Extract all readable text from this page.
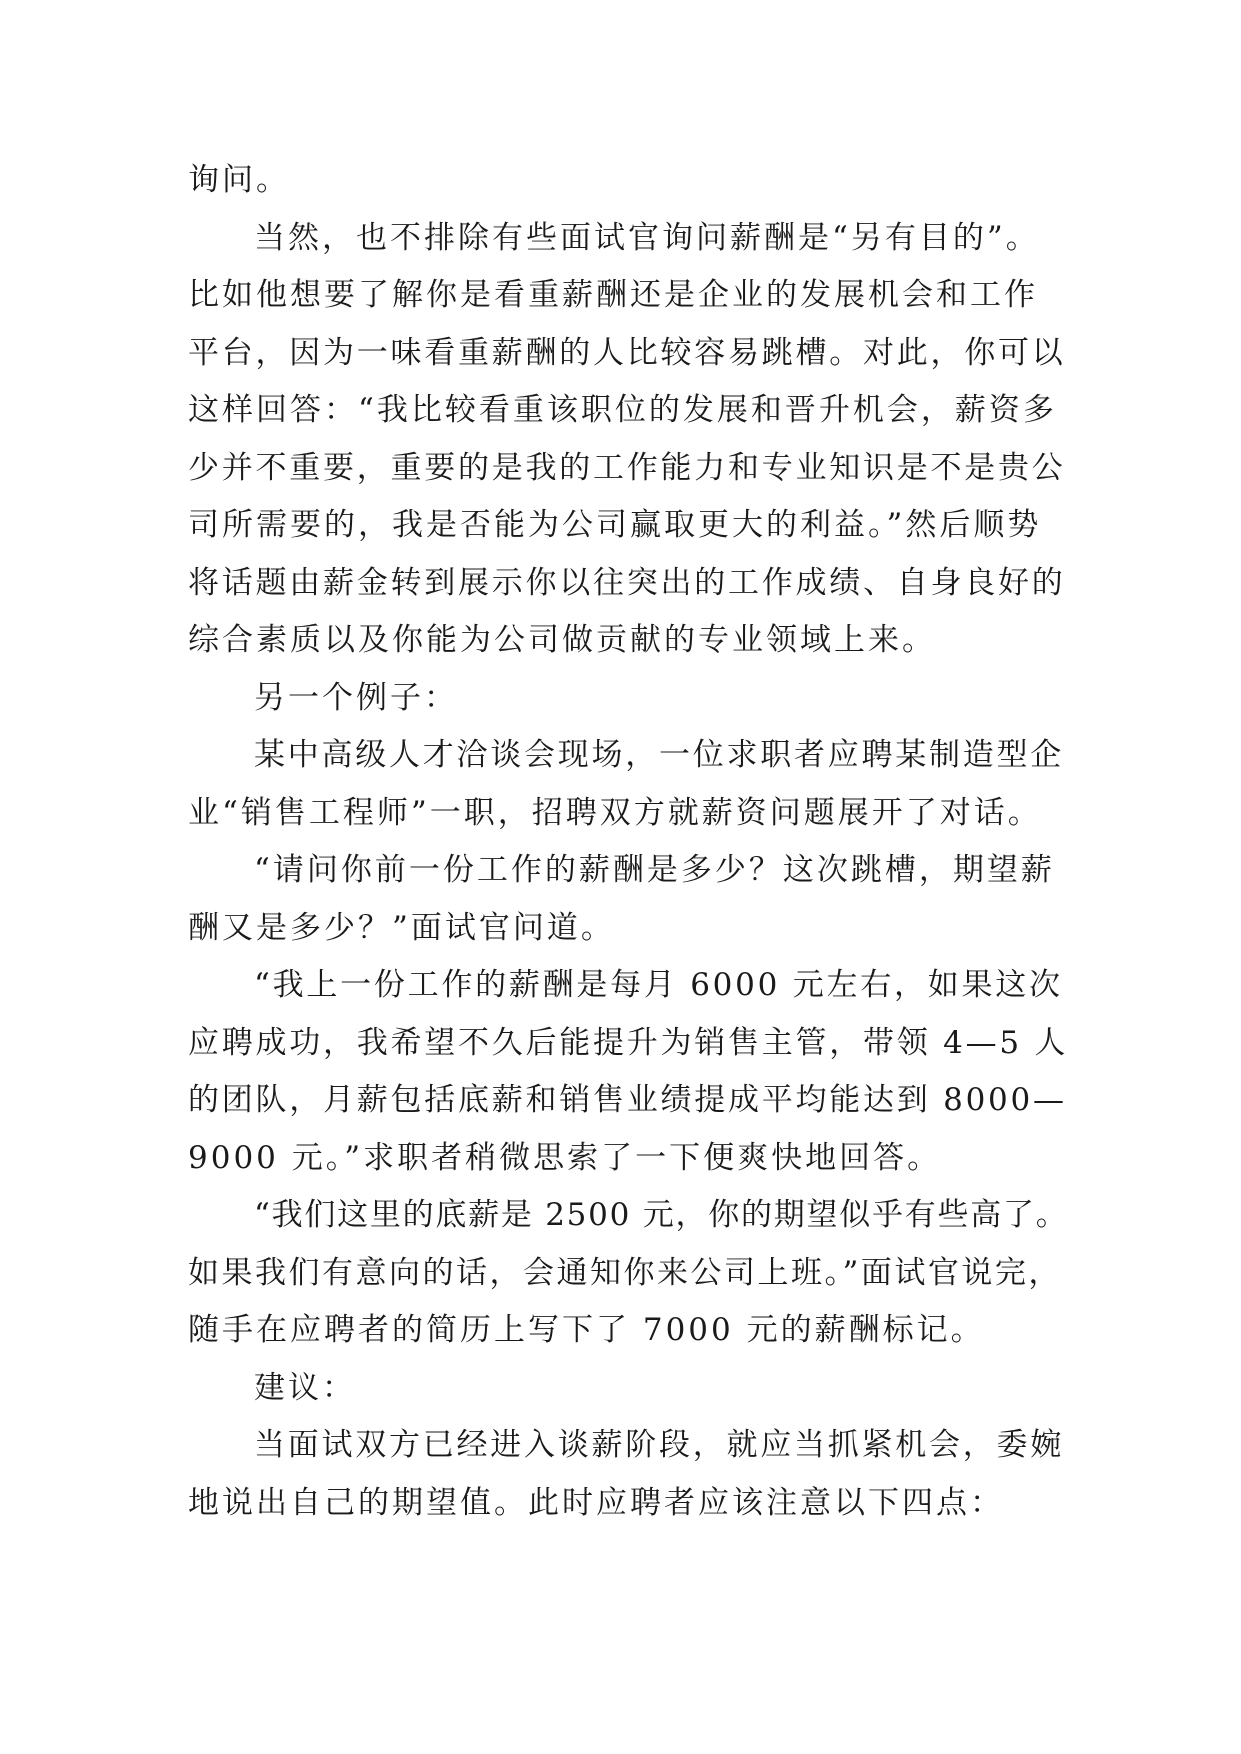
询问。
当然，也不排除有些面试官询问薪酬是“另有目的”。
比如他想要了解你是看重薪酬还是企业的发展机会和工作
平台，因为一味看重薪酬的人比较容易跳槽。对此，你可以
这样回答：“我比较看重该职位的发展和晋升机会，薪资多
少并不重要，重要的是我的工作能力和专业知识是不是贵公
司所需要的，我是否能为公司赢取更大的利益。”然后顺势
将话题由薪金转到展示你以往突出的工作成绩、自身良好的
综合素质以及你能为公司做贡献的专业领域上来。
另一个例子：
某中高级人才洽谈会现场，一位求职者应聘某制造型企
业“销售工程师”一职，招聘双方就薪资问题展开了对话。
“请问你前一份工作的薪酬是多少？这次跳槽，期望薪
酬又是多少？”面试官问道。
“我上一份工作的薪酬是每月 6000 元左右，如果这次
应聘成功，我希望不久后能提升为销售主管，带领 4—5 人
的团队，月薪包括底薪和销售业绩提成平均能达到 8000—
9000 元。”求职者稍微思索了一下便爽快地回答。
“我们这里的底薪是 2500 元，你的期望似乎有些高了。
如果我们有意向的话，会通知你来公司上班。”面试官说完，
随手在应聘者的简历上写下了 7000 元的薪酬标记。
建议：
当面试双方已经进入谈薪阶段，就应当抓紧机会，委婉
地说出自己的期望值。此时应聘者应该注意以下四点：
